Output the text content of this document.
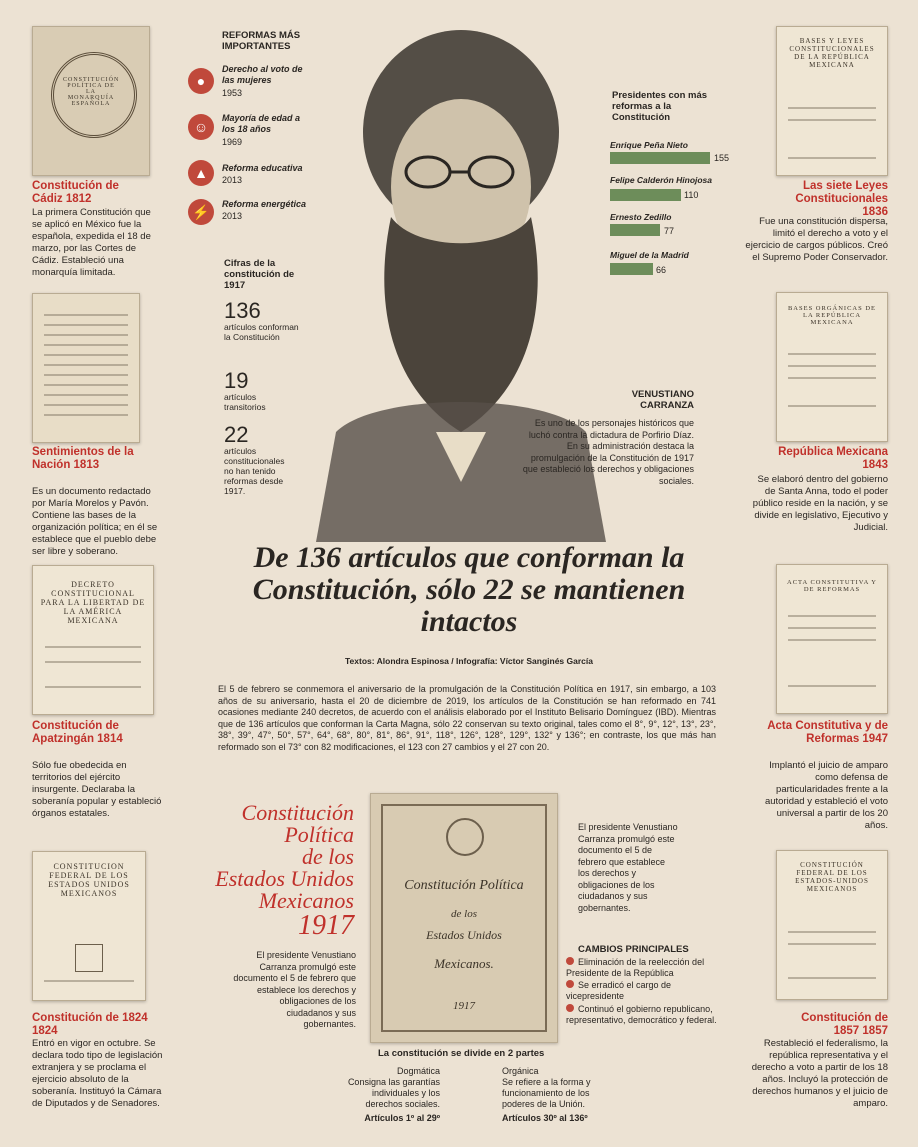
CONSTITUCIÓN POLÍTICA DE LA MONARQUÍA ESPAÑOLA
Constitución de Cádiz 1812
La primera Constitución que se aplicó en México fue la española, expedida el 18 de marzo, por las Cortes de Cádiz. Estableció una monarquía limitada.
Sentimientos de la Nación 1813
Es un documento redactado por María Morelos y Pavón. Contiene las bases de la organización política; en él se establece que el pueblo debe ser libre y soberano.
DECRETO CONSTITUCIONAL PARA LA LIBERTAD DE LA AMÉRICA MEXICANA
Constitución de Apatzingán 1814
Sólo fue obedecida en territorios del ejército insurgente. Declaraba la soberanía popular y estableció órganos estatales.
CONSTITUCION FEDERAL DE LOS ESTADOS UNIDOS MEXICANOS
Constitución de 1824 1824
Entró en vigor en octubre. Se declara todo tipo de legislación extranjera y se proclama el ejercicio absoluto de la soberanía. Instituyó la Cámara de Diputados y de Senadores.
REFORMAS MÁS IMPORTANTES
●
Derecho al voto de las mujeres
1953
☺
Mayoría de edad a los 18 años
1969
▲	Reforma educativa
2013
⚡	Reforma energética
2013
Cifras de la constitución de 1917
136
artículos conforman la Constitución
19
artículos transitorios
22
artículos constitucionales no han tenido reformas desde 1917.
Presidentes con más reformas a la Constitución
Enrique Peña Nieto
155
Felipe Calderón Hinojosa
110
Ernesto Zedillo
77
Miguel de la Madrid
66
VENUSTIANO CARRANZA
Es uno de los personajes históricos que luchó contra la dictadura de Porfirio Díaz. En su administración destaca la promulgación de la Constitución de 1917 que estableció los derechos y obligaciones sociales.
BASES Y LEYES CONSTITUCIONALES DE LA REPÚBLICA MEXICANA
Las siete Leyes Constitucionales 1836
Fue una constitución dispersa, limitó el derecho a voto y el ejercicio de cargos públicos. Creó el Supremo Poder Conservador.
BASES ORGÁNICAS DE LA REPÚBLICA MEXICANA
República Mexicana 1843
Se elaboró dentro del gobierno de Santa Anna, todo el poder público reside en la nación, y se divide en legislativo, Ejecutivo y Judicial.
ACTA CONSTITUTIVA Y DE REFORMAS
Acta Constitutiva y de Reformas 1947
Implantó el juicio de amparo como defensa de particularidades frente a la autoridad y estableció el voto universal a partir de los 20 años.
CONSTITUCIÓN FEDERAL DE LOS ESTADOS-UNIDOS MEXICANOS
Constitución de 1857 1857
Restableció el federalismo, la república representativa y el derecho a voto a partir de los 18 años. Incluyó la protección de derechos humanos y el juicio de amparo.
De 136 artículos que conforman la Constitución, sólo 22 se mantienen intactos
Textos: Alondra Espinosa / Infografía: Víctor Sanginés García
El 5 de febrero se conmemora el aniversario de la promulgación de la Constitución Política en 1917, sin embargo, a 103 años de su aniversario, hasta el 20 de diciembre de 2019, los artículos de la Constitución se han reformado en 741 ocasiones mediante 240 decretos, de acuerdo con el análisis elaborado por el Instituto Belisario Domínguez (IBD). Mientras que de 136 artículos que conforman la Carta Magna, sólo 22 conservan su texto original, tales como el 8°, 9°, 12°, 13°, 23°, 38°, 39°, 47°, 50°, 57°, 64°, 68°, 80°, 81°, 86°, 91°, 118°, 126°, 128°, 129°, 132° y 136°; en contraste, los que más han reformado son el 73° con 82 modificaciones, el 123 con 27 cambios y el 27 con 20.
Constitución
Política
de los
Estados Unidos
Mexicanos
1917
El presidente Venustiano Carranza promulgó este documento el 5 de febrero que establece los derechos y obligaciones de los ciudadanos y sus gobernantes.
Constitución Política
de los
Estados Unidos
Mexicanos.
1917
El presidente Venustiano Carranza promulgó este documento el 5 de febrero que establece los derechos y obligaciones de los ciudadanos y sus gobernantes.
CAMBIOS PRINCIPALES
Eliminación de la reelección del Presidente de la República
Se erradicó el cargo de vicepresidente
Continuó el gobierno republicano, representativo, democrático y federal.
La constitución se divide en 2 partes
Dogmática
Consigna las garantías individuales y los derechos sociales.
Artículos 1º al 29º
Orgánica
Se refiere a la forma y funcionamiento de los poderes de la Unión.
Artículos 30º al 136º
